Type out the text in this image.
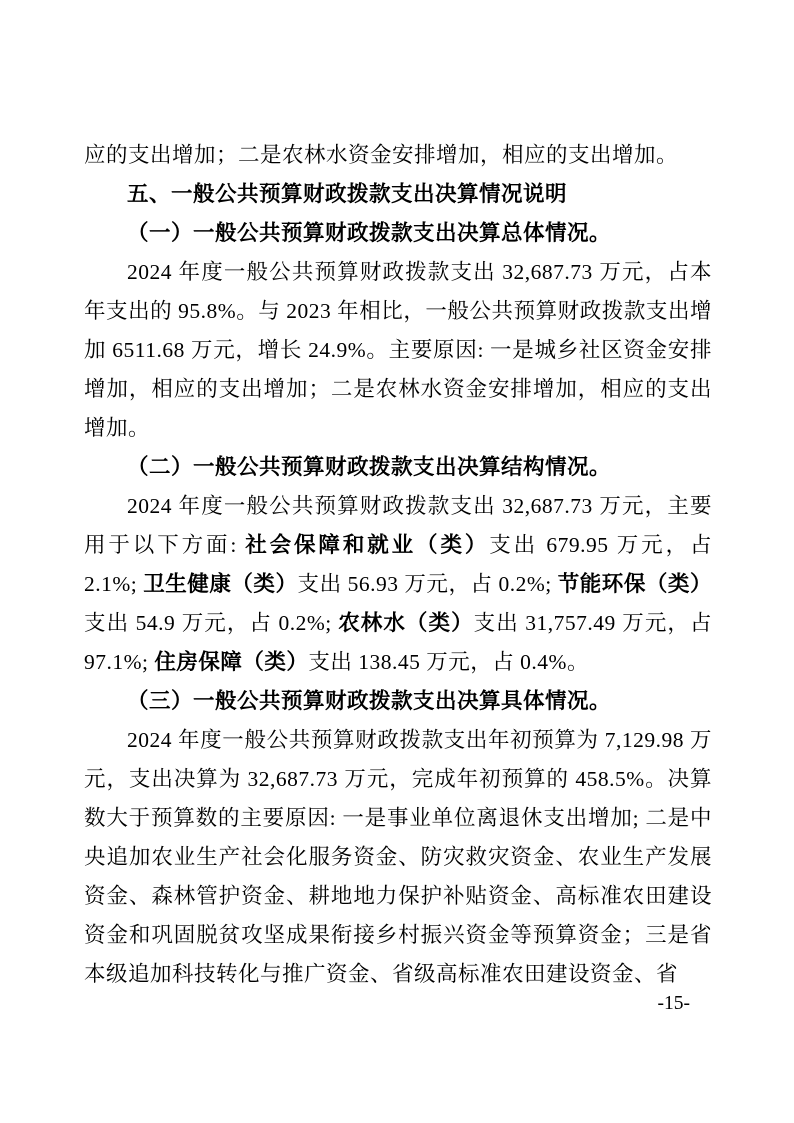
应的支出增加；二是农林水资金安排增加，相应的支出增加。

五、一般公共预算财政拨款支出决算情况说明

（一）一般公共预算财政拨款支出决算总体情况。

2024 年度一般公共预算财政拨款支出 32,687.73 万元，占本年支出的 95.8%。与 2023 年相比，一般公共预算财政拨款支出增加 6511.68 万元，增长 24.9%。主要原因: 一是城乡社区资金安排增加，相应的支出增加；二是农林水资金安排增加，相应的支出增加。

（二）一般公共预算财政拨款支出决算结构情况。

2024 年度一般公共预算财政拨款支出 32,687.73 万元，主要用于以下方面: 社会保障和就业（类）支出 679.95 万元，占 2.1%; 卫生健康（类）支出 56.93 万元，占 0.2%; 节能环保（类）支出 54.9 万元，占 0.2%; 农林水（类）支出 31,757.49 万元，占 97.1%; 住房保障（类）支出 138.45 万元，占 0.4%。

（三）一般公共预算财政拨款支出决算具体情况。

2024 年度一般公共预算财政拨款支出年初预算为 7,129.98 万元，支出决算为 32,687.73 万元，完成年初预算的 458.5%。决算数大于预算数的主要原因: 一是事业单位离退休支出增加; 二是中央追加农业生产社会化服务资金、防灾救灾资金、农业生产发展资金、森林管护资金、耕地地力保护补贴资金、高标准农田建设资金和巩固脱贫攻坚成果衔接乡村振兴资金等预算资金；三是省本级追加科技转化与推广资金、省级高标准农田建设资金、省

-15-
